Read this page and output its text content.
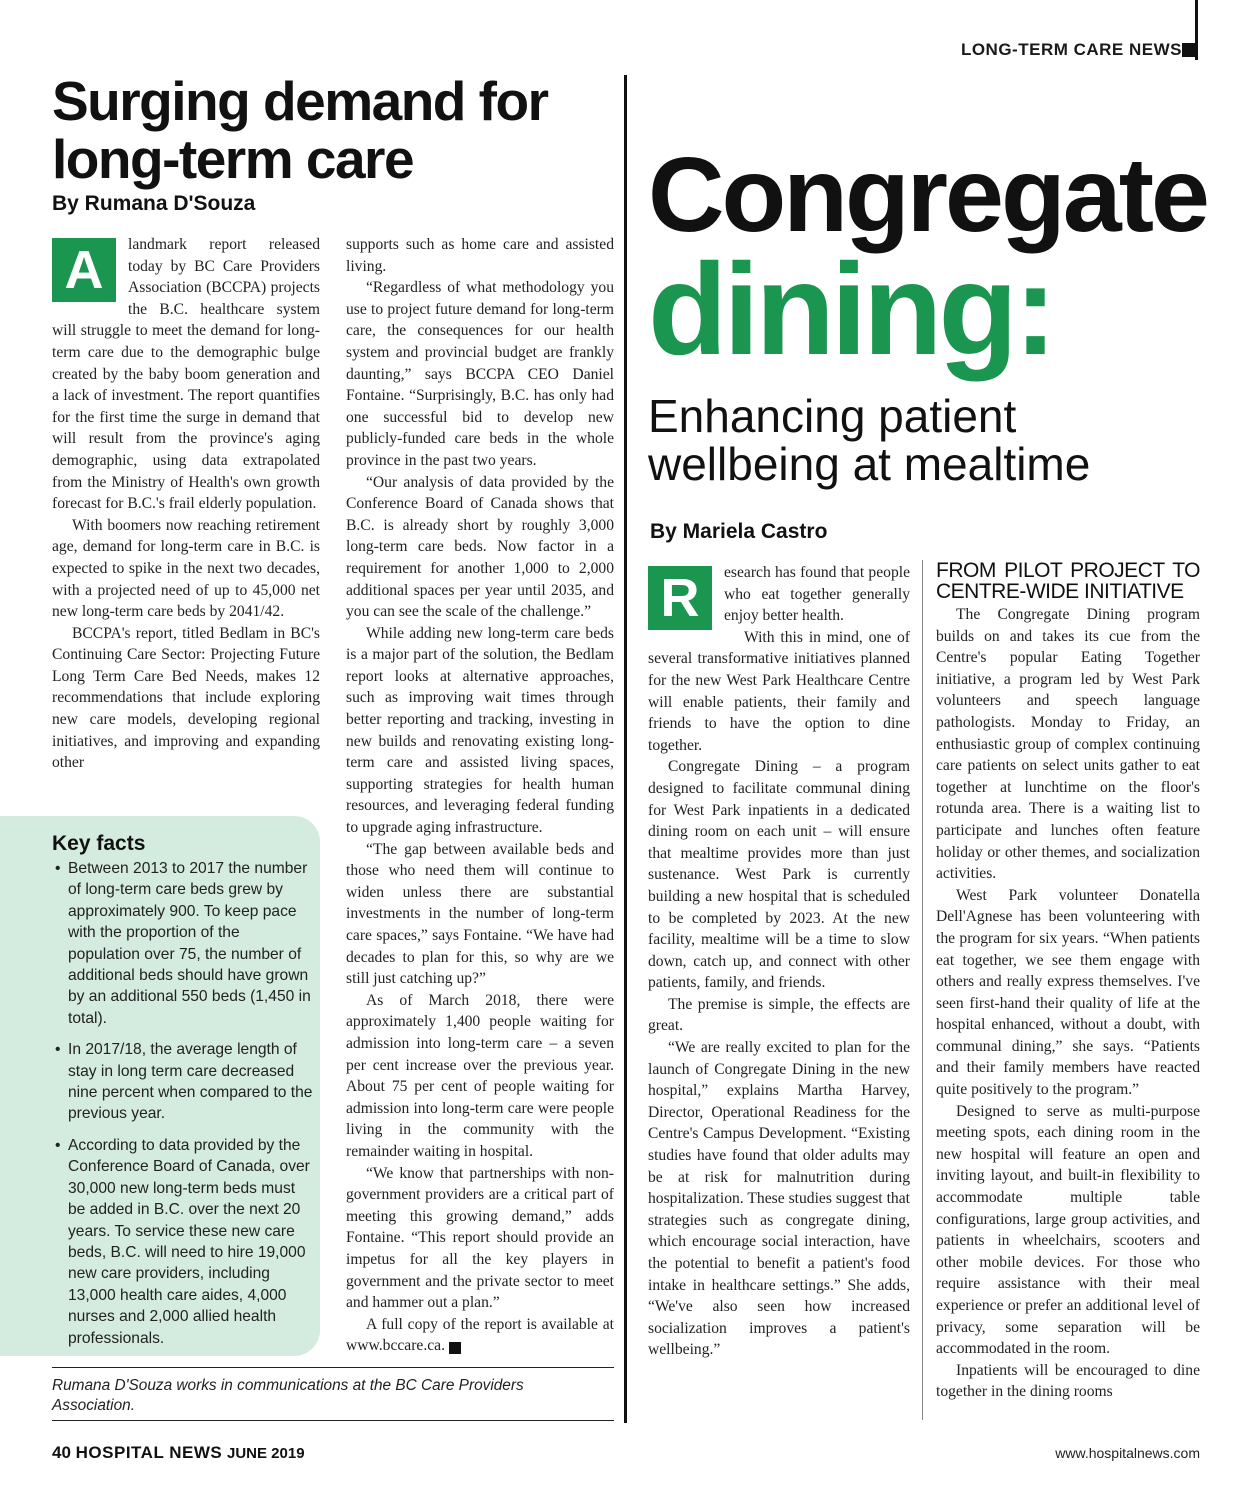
LONG-TERM CARE NEWS
Surging demand for long-term care
By Rumana D'Souza

A	landmark report released today by BC Care Providers Association (BCCPA) projects the B.C. healthcare system will struggle to meet the demand for long-term care due to the demographic bulge created by the baby boom generation and a lack of investment. The report quantifies for the first time the surge in demand that will result from the province's aging demographic, using data extrapolated from the Ministry of Health's own growth forecast for B.C.'s frail elderly population.

With boomers now reaching retirement age, demand for long-term care in B.C. is expected to spike in the next two decades, with a projected need of up to 45,000 net new long-term care beds by 2041/42.

BCCPA's report, titled Bedlam in BC's Continuing Care Sector: Projecting Future Long Term Care Bed Needs, makes 12 recommendations that include exploring new care models, developing regional initiatives, and improving and expanding other

supports such as home care and assisted living.

“Regardless of what methodology you use to project future demand for long-term care, the consequences for our health system and provincial budget are frankly daunting,” says BCCPA CEO Daniel Fontaine. “Surprisingly, B.C. has only had one successful bid to develop new publicly-funded care beds in the whole province in the past two years.

“Our analysis of data provided by the Conference Board of Canada shows that B.C. is already short by roughly 3,000 long-term care beds. Now factor in a requirement for another 1,000 to 2,000 additional spaces per year until 2035, and you can see the scale of the challenge.”

While adding new long-term care beds is a major part of the solution, the Bedlam report looks at alternative approaches, such as improving wait times through better reporting and tracking, investing in new builds and renovating existing long-term care and assisted living spaces, supporting strategies for health human resources, and leveraging federal funding to upgrade aging infrastructure.

“The gap between available beds and those who need them will continue to widen unless there are substantial investments in the number of long-term care spaces,” says Fontaine. “We have had decades to plan for this, so why are we still just catching up?”

As of March 2018, there were approximately 1,400 people waiting for admission into long-term care – a seven per cent increase over the previous year. About 75 per cent of people waiting for admission into long-term care were people living in the community with the remainder waiting in hospital.

“We know that partnerships with non-government providers are a critical part of meeting this growing demand,” adds Fontaine. “This report should provide an impetus for all the key players in government and the private sector to meet and hammer out a plan.”

A full copy of the report is available at www.bccare.ca.	H

Key facts
• Between 2013 to 2017 the number of long-term care beds grew by approximately 900. To keep pace with the proportion of the population over 75, the number of additional beds should have grown by an additional 550 beds (1,450 in total).
• In 2017/18, the average length of stay in long term care decreased nine percent when compared to the previous year.
• According to data provided by the Conference Board of Canada, over 30,000 new long-term beds must be added in B.C. over the next 20 years. To service these new care beds, B.C. will need to hire 19,000 new care providers, including 13,000 health care aides, 4,000 nurses and 2,000 allied health professionals.
Rumana D'Souza works in communications at the BC Care Providers Association.
Congregate
dining:
Enhancing patient wellbeing at mealtime
By Mariela Castro

R	esearch has found that people who eat together generally enjoy better health.

With this in mind, one of several transformative initiatives planned for the new West Park Healthcare Centre will enable patients, their family and friends to have the option to dine together.

Congregate Dining – a program designed to facilitate communal dining for West Park inpatients in a dedicated dining room on each unit – will ensure that mealtime provides more than just sustenance. West Park is currently building a new hospital that is scheduled to be completed by 2023. At the new facility, mealtime will be a time to slow down, catch up, and connect with other patients, family, and friends.

The premise is simple, the effects are great.

“We are really excited to plan for the launch of Congregate Dining in the new hospital,” explains Martha Harvey, Director, Operational Readiness for the Centre's Campus Development. “Existing studies have found that older adults may be at risk for malnutrition during hospitalization. These studies suggest that strategies such as congregate dining, which encourage social interaction, have the potential to benefit a patient's food intake in healthcare settings.” She adds, “We've also seen how increased socialization improves a patient's wellbeing.”

FROM PILOT PROJECT TO CENTRE-WIDE INITIATIVE

The Congregate Dining program builds on and takes its cue from the Centre's popular Eating Together initiative, a program led by West Park volunteers and speech language pathologists. Monday to Friday, an enthusiastic group of complex continuing care patients on select units gather to eat together at lunchtime on the floor's rotunda area. There is a waiting list to participate and lunches often feature holiday or other themes, and socialization activities.

West Park volunteer Donatella Dell'Agnese has been volunteering with the program for six years. “When patients eat together, we see them engage with others and really express themselves. I've seen first-hand their quality of life at the hospital enhanced, without a doubt, with communal dining,” she says. “Patients and their family members have reacted quite positively to the program.”

Designed to serve as multi-purpose meeting spots, each dining room in the new hospital will feature an open and inviting layout, and built-in flexibility to accommodate multiple table configurations, large group activities, and patients in wheelchairs, scooters and other mobile devices. For those who require assistance with their meal experience or prefer an additional level of privacy, some separation will be accommodated in the room.

Inpatients will be encouraged to dine together in the dining rooms

40 HOSPITAL NEWS JUNE 2019	www.hospitalnews.com
